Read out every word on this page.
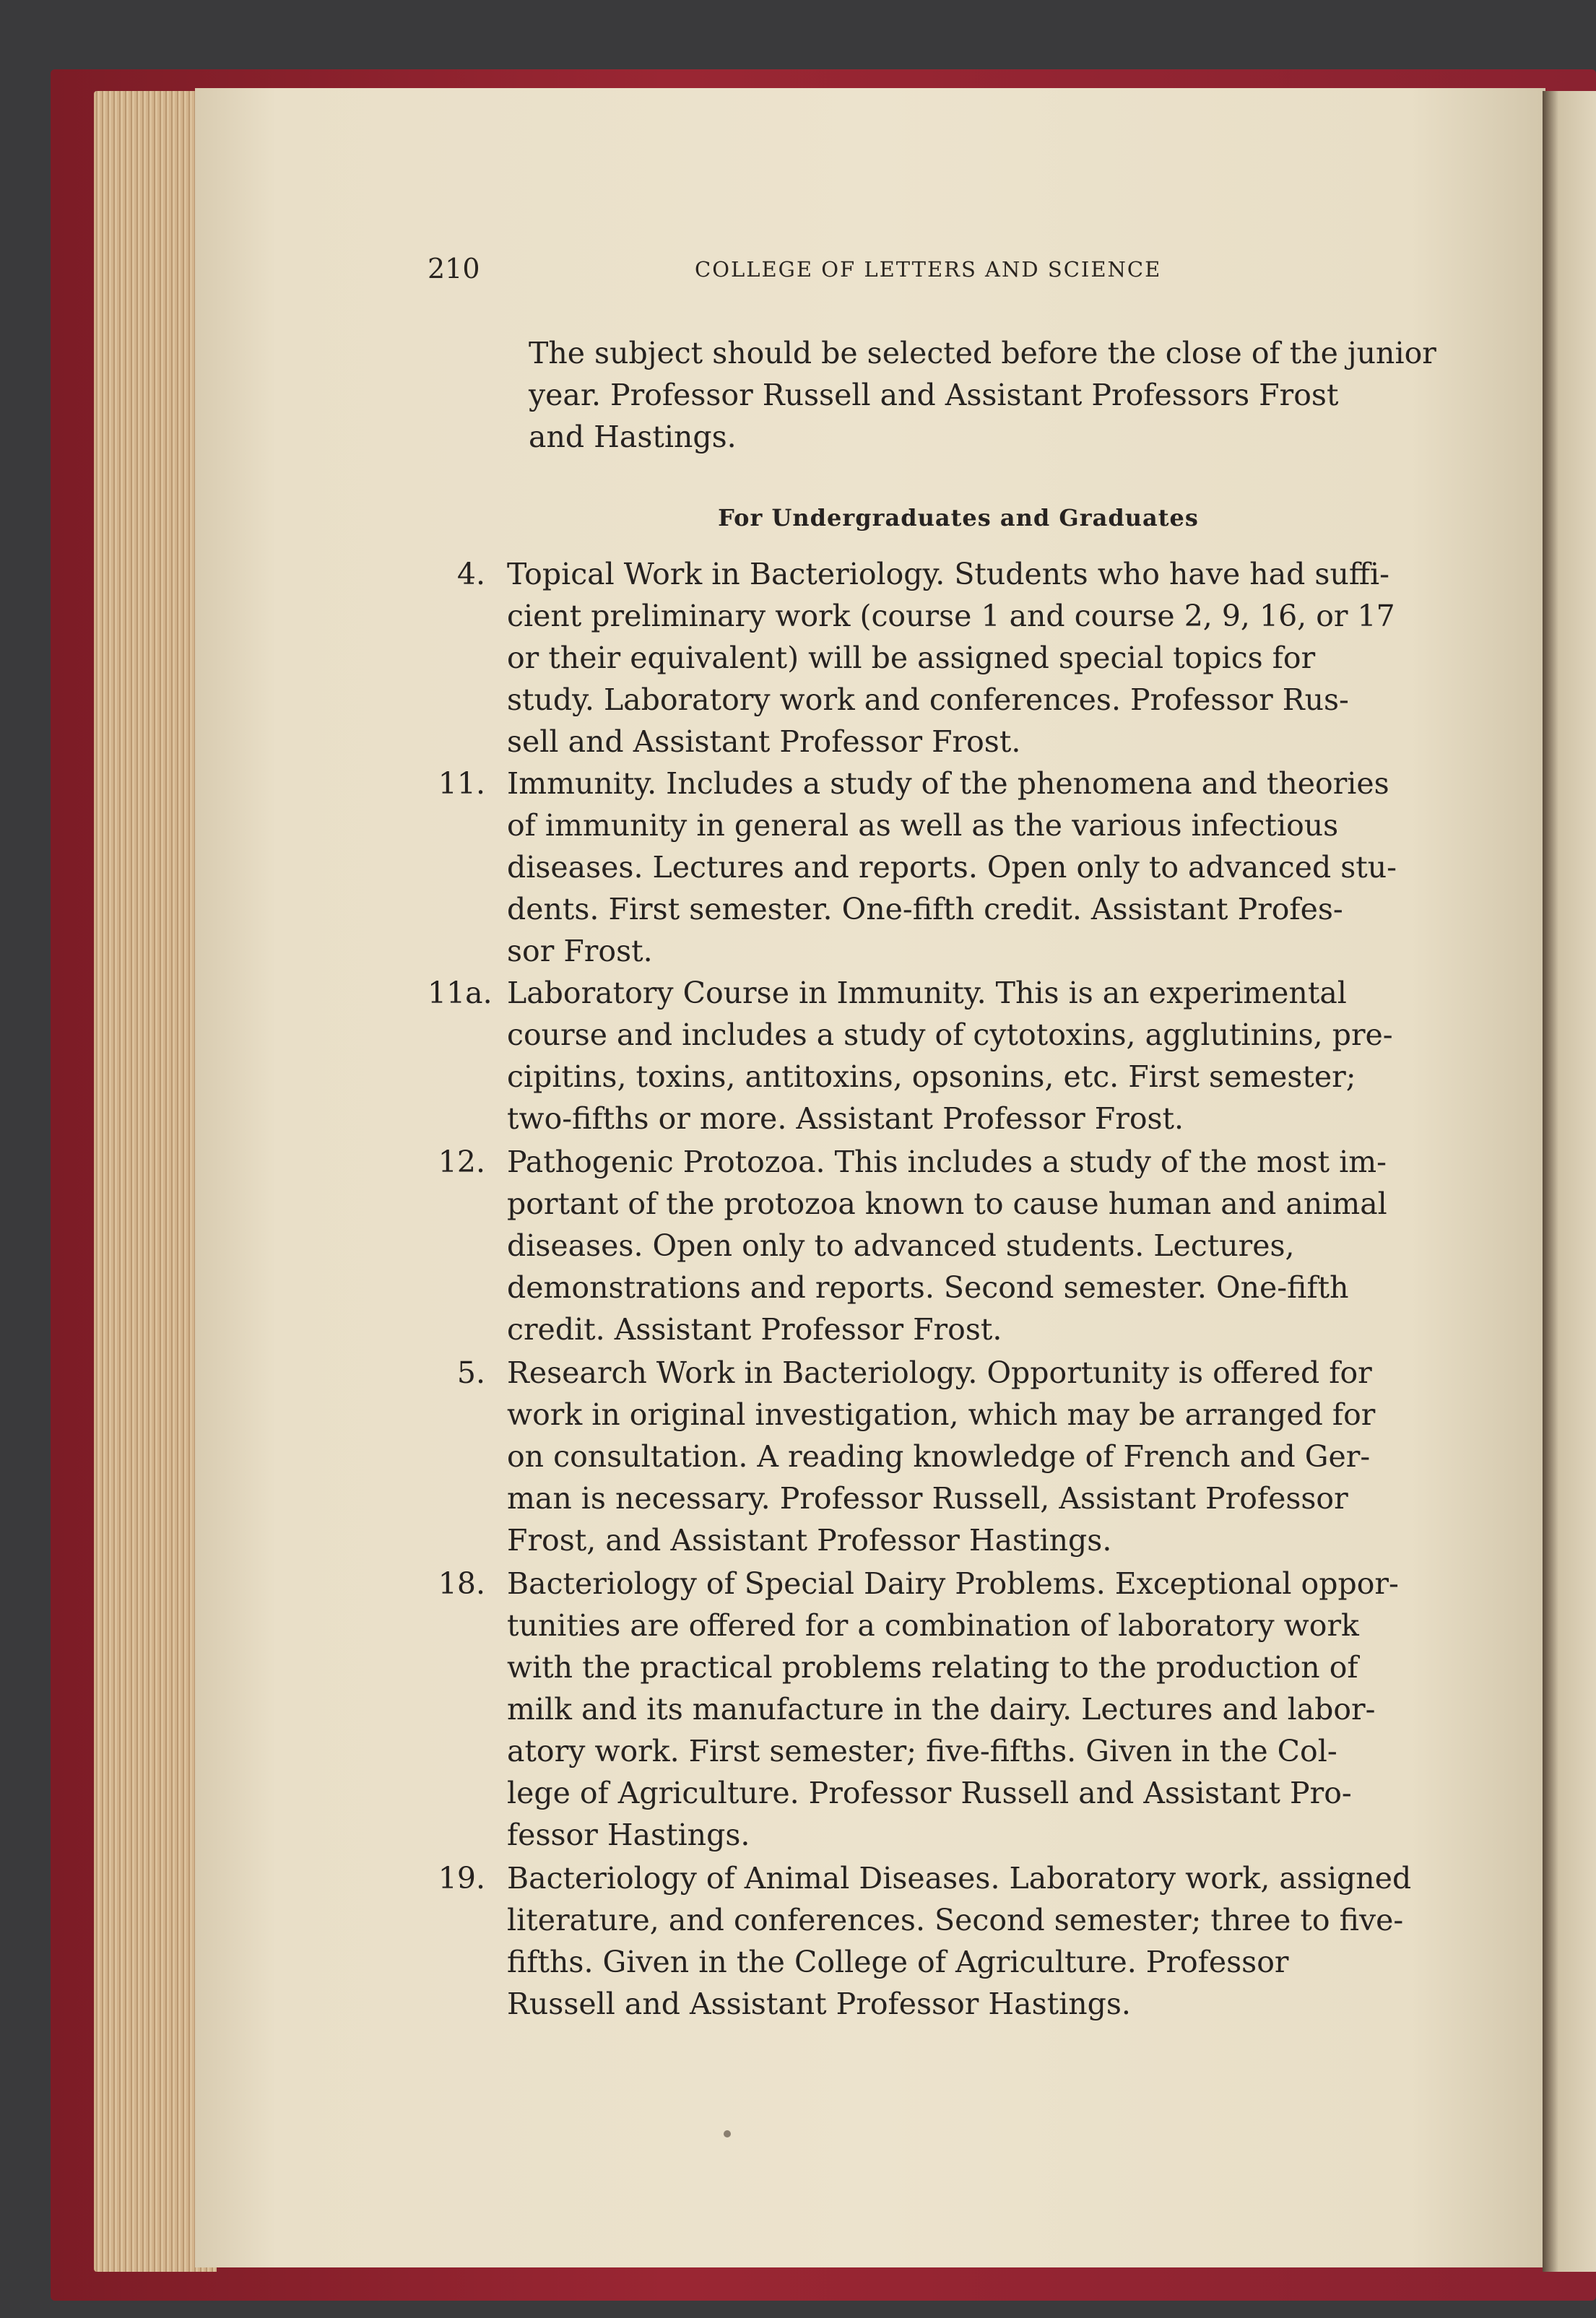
210	COLLEGE OF LETTERS AND SCIENCE
The subject should be selected before the close of the junior
year. Professor Russell and Assistant Professors Frost
and Hastings.
For Undergraduates and Graduates
4. Topical Work in Bacteriology. Students who have had suffi-
cient preliminary work (course 1 and course 2, 9, 16, or 17
or their equivalent) will be assigned special topics for
study. Laboratory work and conferences. Professor Rus-
sell and Assistant Professor Frost.
11. Immunity. Includes a study of the phenomena and theories
of immunity in general as well as the various infectious
diseases. Lectures and reports. Open only to advanced stu-
dents. First semester. One-fifth credit. Assistant Profes-
sor Frost.
11a. Laboratory Course in Immunity. This is an experimental
course and includes a study of cytotoxins, agglutinins, pre-
cipitins, toxins, antitoxins, opsonins, etc. First semester;
two-fifths or more. Assistant Professor Frost.
12. Pathogenic Protozoa. This includes a study of the most im-
portant of the protozoa known to cause human and animal
diseases. Open only to advanced students. Lectures,
demonstrations and reports. Second semester. One-fifth
credit. Assistant Professor Frost.
5. Research Work in Bacteriology. Opportunity is offered for
work in original investigation, which may be arranged for
on consultation. A reading knowledge of French and Ger-
man is necessary. Professor Russell, Assistant Professor
Frost, and Assistant Professor Hastings.
18. Bacteriology of Special Dairy Problems. Exceptional oppor-
tunities are offered for a combination of laboratory work
with the practical problems relating to the production of
milk and its manufacture in the dairy. Lectures and labor-
atory work. First semester; five-fifths. Given in the Col-
lege of Agriculture. Professor Russell and Assistant Pro-
fessor Hastings.
19. Bacteriology of Animal Diseases. Laboratory work, assigned
literature, and conferences. Second semester; three to five-
fifths. Given in the College of Agriculture. Professor
Russell and Assistant Professor Hastings.
